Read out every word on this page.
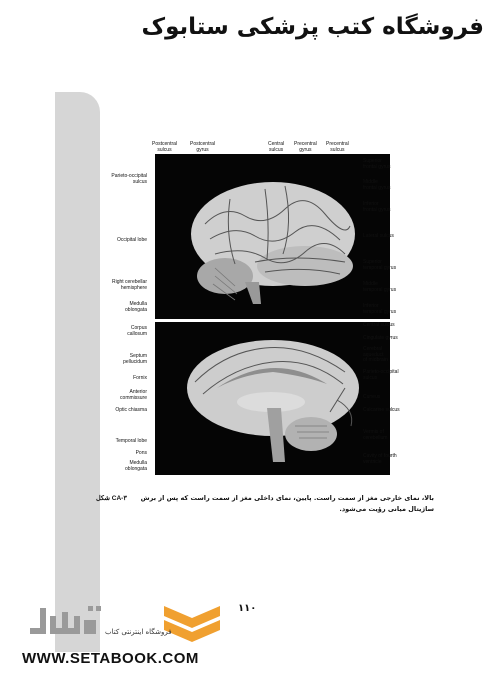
فروشگاه کتب پزشکی ستابوک
Postcentral
sulcus
Postcentral
gyrus
Central
sulcus
Precentral
gyrus
Precentral
sulcus
Parieto-occipital
sulcus
Occipital lobe
Right cerebellar
hemisphere
Medulla
oblongata
Superior
frontal gyrus
Middle
frontal gyrus
Inferior
frontal gyrus
Lateral sulcus
Superior
temporal gyrus
Middle
temporal gyrus
Inferior
temporal gyrus
Corpus
callosum
Septum
pellucidum
Fornix
Anterior
commissure
Optic chiasma
Temporal lobe
Pons
Medulla
oblongata
Central sulcus
Cingulate gyrus
Cerebral
aqueduct
of midbrain
Parieto-occipital
sulcus
Cuneus
Calcarine sulcus
Vermis of
cerebellum
Cavity of fourth
ventricle
شکل CA-۳	بالا، نمای خارجی مغز از سمت راست. پایین، نمای داخلی مغز از سمت راست که پس از برش ساژیتال میانی رؤیت می‌شود.
۱۱۰
فروشگاه اینترنتی کتاب
WWW.SETABOOK.COM
